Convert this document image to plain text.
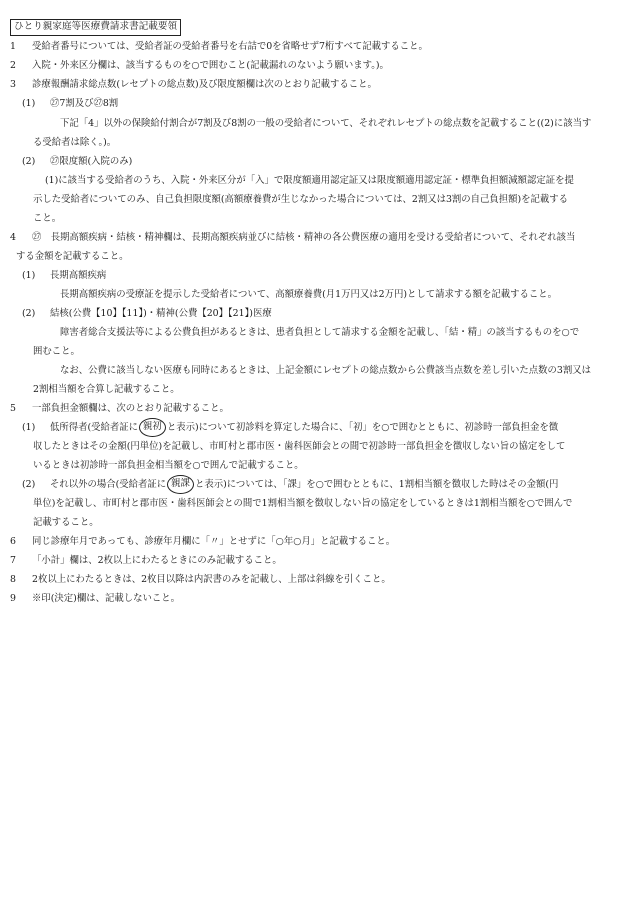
ひとり親家庭等医療費請求書記載要領
1 受給者番号については、受給者証の受給者番号を右詰で0を省略せず7桁すべて記載すること。
2 入院・外来区分欄は、該当するものを○で囲むこと(記載漏れのないよう願います。)。
3 診療報酬請求総点数(レセプトの総点数)及び限度額欄は次のとおり記載すること。
(1) ㉗7割及び㉗8割
下記「4」以外の保険給付割合が7割及び8割の一般の受給者について、それぞれレセプトの総点数を記載すること((2)に該当す
る受給者は除く。)。
(2) ㉗限度額(入院のみ)
(1)に該当する受給者のうち、入院・外来区分が「入」で限度額適用認定証又は限度額適用認定証・標準負担額減額認定証を提
示した受給者についてのみ、自己負担限度額(高額療養費が生じなかった場合については、2割又は3割の自己負担額)を記載する
こと。
4 ㉗　長期高額疾病・結核・精神欄は、長期高額疾病並びに結核・精神の各公費医療の適用を受ける受給者について、それぞれ該当
する金額を記載すること。
(1) 長期高額疾病
長期高額疾病の受療証を提示した受給者について、高額療養費(月1万円又は2万円)として請求する額を記載すること。
(2) 結核(公費【10】【11】)・精神(公費【20】【21】)医療
障害者総合支援法等による公費負担があるときは、患者負担として請求する金額を記載し、「結・精」の該当するものを○で
囲むこと。
なお、公費に該当しない医療も同時にあるときは、上記金額にレセプトの総点数から公費該当点数を差し引いた点数の3割又は
2割相当額を合算し記載すること。
5 一部負担金額欄は、次のとおり記載すること。
(1) 低所得者(受給者証に 親初 と表示)について初診料を算定した場合に、「初」を○で囲むとともに、初診時一部負担金を徴
収したときはその金額(円単位)を記載し、市町村と郡市医・歯科医師会との間で初診時一部負担金を徴収しない旨の協定をして
いるときは初診時一部負担金相当額を○で囲んで記載すること。
(2) それ以外の場合(受給者証に 親課 と表示)については、「課」を○で囲むとともに、1割相当額を徴収した時はその金額(円
単位)を記載し、市町村と郡市医・歯科医師会との間で1割相当額を徴収しない旨の協定をしているときは1割相当額を○で囲んで
記載すること。
6 同じ診療年月であっても、診療年月欄に「〃」とせずに「○年○月」と記載すること。
7 「小計」欄は、2枚以上にわたるときにのみ記載すること。
8 2枚以上にわたるときは、2枚目以降は内訳書のみを記載し、上部は斜線を引くこと。
9 ※印(決定)欄は、記載しないこと。
